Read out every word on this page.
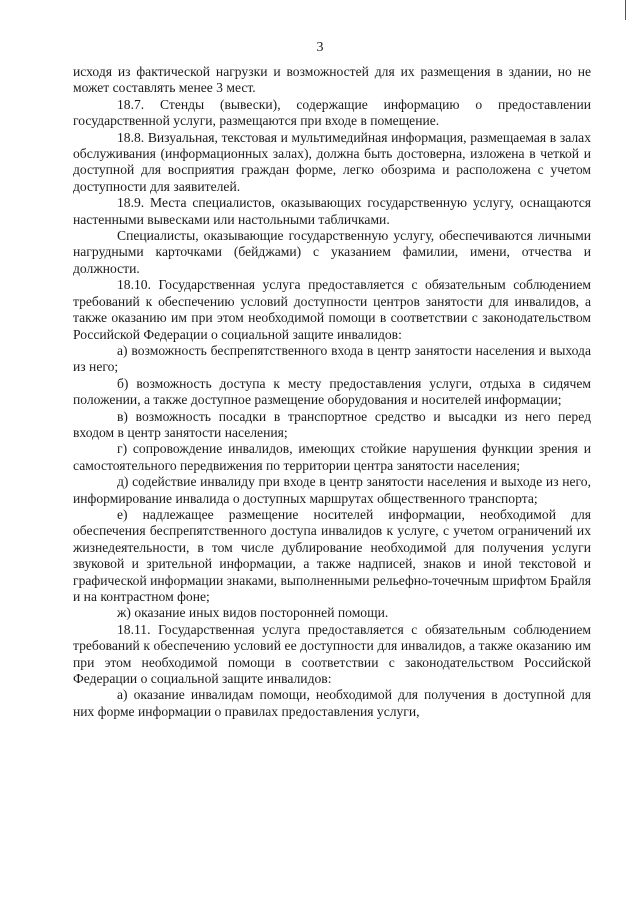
3

исходя из фактической нагрузки и возможностей для их размещения в здании, но не может составлять менее 3 мест.

18.7. Стенды (вывески), содержащие информацию о предоставлении государственной услуги, размещаются при входе в помещение.

18.8. Визуальная, текстовая и мультимедийная информация, размещаемая в залах обслуживания (информационных залах), должна быть достоверна, изложена в четкой и доступной для восприятия граждан форме, легко обозрима и расположена с учетом доступности для заявителей.

18.9. Места специалистов, оказывающих государственную услугу, оснащаются настенными вывесками или настольными табличками.

Специалисты, оказывающие государственную услугу, обеспечиваются личными нагрудными карточками (бейджами) с указанием фамилии, имени, отчества и должности.

18.10. Государственная услуга предоставляется с обязательным соблюдением требований к обеспечению условий доступности центров занятости для инвалидов, а также оказанию им при этом необходимой помощи в соответствии с законодательством Российской Федерации о социальной защите инвалидов:

а) возможность беспрепятственного входа в центр занятости населения и выхода из него;

б) возможность доступа к месту предоставления услуги, отдыха в сидячем положении, а также доступное размещение оборудования и носителей информации;

в) возможность посадки в транспортное средство и высадки из него перед входом в центр занятости населения;

г) сопровождение инвалидов, имеющих стойкие нарушения функции зрения и самостоятельного передвижения по территории центра занятости населения;

д) содействие инвалиду при входе в центр занятости населения и выходе из него, информирование инвалида о доступных маршрутах общественного транспорта;

е) надлежащее размещение носителей информации, необходимой для обеспечения беспрепятственного доступа инвалидов к услуге, с учетом ограничений их жизнедеятельности, в том числе дублирование необходимой для получения услуги звуковой и зрительной информации, а также надписей, знаков и иной текстовой и графической информации знаками, выполненными рельефно-точечным шрифтом Брайля и на контрастном фоне;

ж) оказание иных видов посторонней помощи.

18.11. Государственная услуга предоставляется с обязательным соблюдением требований к обеспечению условий ее доступности для инвалидов, а также оказанию им при этом необходимой помощи в соответствии с законодательством Российской Федерации о социальной защите инвалидов:

а) оказание инвалидам помощи, необходимой для получения в доступной для них форме информации о правилах предоставления услуги,
